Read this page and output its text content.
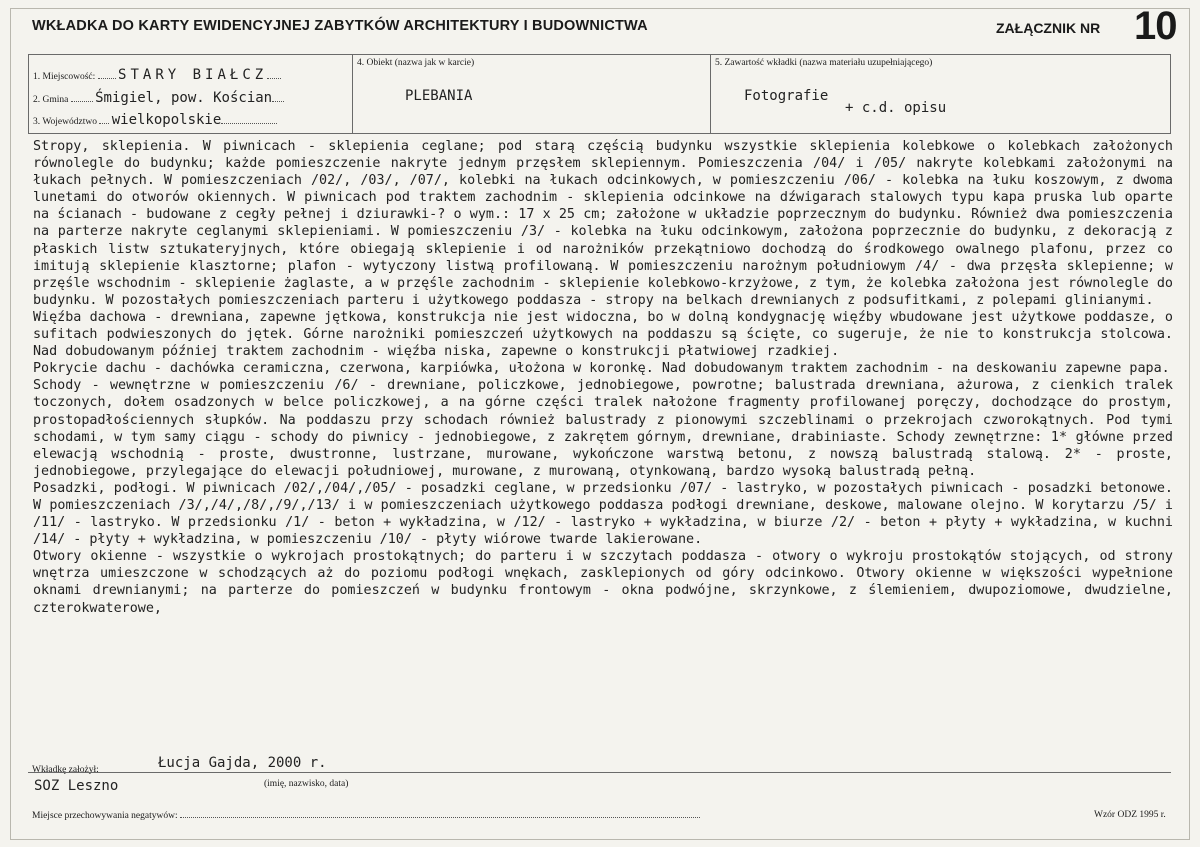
WKŁADKA DO KARTY EWIDENCYJNEJ ZABYTKÓW ARCHITEKTURY I BUDOWNICTWA	ZAŁĄCZNIK NR 10
1. Miejscowość:  STARY BIAŁCZ
2. Gmina Śmigiel, pow. Kościan
3. Województwo wielkopolskie
4. Obiekt (nazwa jak w karcie)
PLEBANIA
5. Zawartość wkładki (nazwa materiału uzupełniającego)
Fotografie
+ c.d. opisu

Stropy, sklepienia. W piwnicach - sklepienia ceglane; pod starą częścią budynku wszystkie sklepienia kolebkowe o kolebkach założonych równolegle do budynku; każde pomieszczenie nakryte jednym przęsłem sklepiennym. Pomieszczenia /04/ i /05/ nakryte kolebkami założonymi na łukach pełnych. W pomieszczeniach /02/, /03/, /07/, kolebki na łukach odcinkowych, w pomieszczeniu /06/ - kolebka na łuku koszowym, z dwoma lunetami do otworów okiennych. W piwnicach pod traktem zachodnim - sklepienia odcinkowe na dźwigarach stalowych typu kapa pruska lub oparte na ścianach - budowane z cegły pełnej i dziurawki-? o wym.: 17 x 25 cm; założone w układzie poprzecznym do budynku. Również dwa pomieszczenia na parterze nakryte ceglanymi sklepieniami. W pomieszczeniu /3/ - kolebka na łuku odcinkowym, założona poprzecznie do budynku, z dekoracją z płaskich listw sztukateryjnych, które obiegają sklepienie i od narożników przekątniowo dochodzą do środkowego owalnego plafonu, przez co imitują sklepienie klasztorne; plafon - wytyczony listwą profilowaną. W pomieszczeniu narożnym południowym /4/ - dwa przęsła sklepienne; w przęśle wschodnim - sklepienie żaglaste, a w przęśle zachodnim - sklepienie kolebkowo-krzyżowe, z tym, że kolebka założona jest równolegle do budynku. W pozostałych pomieszczeniach parteru i użytkowego poddasza - stropy na belkach drewnianych z podsufitkami, z polepami glinianymi.

Więźba dachowa - drewniana, zapewne jętkowa, konstrukcja nie jest widoczna, bo w dolną kondygnację więźby wbudowane jest użytkowe poddasze, o sufitach podwieszonych do jętek. Górne narożniki pomieszczeń użytkowych na poddaszu są ścięte, co sugeruje, że nie to konstrukcja stolcowa. Nad dobudowanym później traktem zachodnim - więźba niska, zapewne o konstrukcji płatwiowej rzadkiej.

Pokrycie dachu - dachówka ceramiczna, czerwona, karpiówka, ułożona w koronkę. Nad dobudowanym traktem zachodnim - na deskowaniu zapewne papa.

Schody - wewnętrzne w pomieszczeniu /6/ - drewniane, policzkowe, jednobiegowe, powrotne; balustrada drewniana, ażurowa, z cienkich tralek toczonych, dołem osadzonych w belce policzkowej, a na górne części tralek nałożone fragmenty profilowanej poręczy, dochodzące do prostym, prostopadłościennych słupków. Na poddaszu przy schodach również balustrady z pionowymi szczeblinami o przekrojach czworokątnych. Pod tymi schodami, w tym samy ciągu - schody do piwnicy - jednobiegowe, z zakrętem górnym, drewniane, drabiniaste. Schody zewnętrzne: 1* główne przed elewacją wschodnią - proste, dwustronne, lustrzane, murowane, wykończone warstwą betonu, z nowszą balustradą stalową. 2* - proste, jednobiegowe, przylegające do elewacji południowej, murowane, z murowaną, otynkowaną, bardzo wysoką balustradą pełną.

Posadzki, podłogi. W piwnicach /02/,/04/,/05/ - posadzki ceglane, w przedsionku /07/ - lastryko, w pozostałych piwnicach - posadzki betonowe. W pomieszczeniach /3/,/4/,/8/,/9/,/13/ i w pomieszczeniach użytkowego poddasza podłogi drewniane, deskowe, malowane olejno. W korytarzu /5/ i /11/ - lastryko. W przedsionku /1/ - beton + wykładzina, w /12/ - lastryko + wykładzina, w biurze /2/ - beton + płyty + wykładzina, w kuchni /14/ - płyty + wykładzina, w pomieszczeniu /10/ - płyty wiórowe twarde lakierowane.

Otwory okienne - wszystkie o wykrojach prostokątnych; do parteru i w szczytach poddasza - otwory o wykroju prostokątów stojących, od strony wnętrza umieszczone w schodzących aż do poziomu podłogi wnękach, zasklepionych od góry odcinkowo. Otwory okienne w większości wypełnione oknami drewnianymi; na parterze do pomieszczeń w budynku frontowym - okna podwójne, skrzynkowe, z ślemieniem, dwupoziomowe, dwudzielne, czterokwaterowe,

Wkładkę założył:	Łucja Gajda, 2000 r.
SOZ Leszno	(imię, nazwisko, data)
Miejsce przechowywania negatywów:	Wzór ODZ 1995 r.
